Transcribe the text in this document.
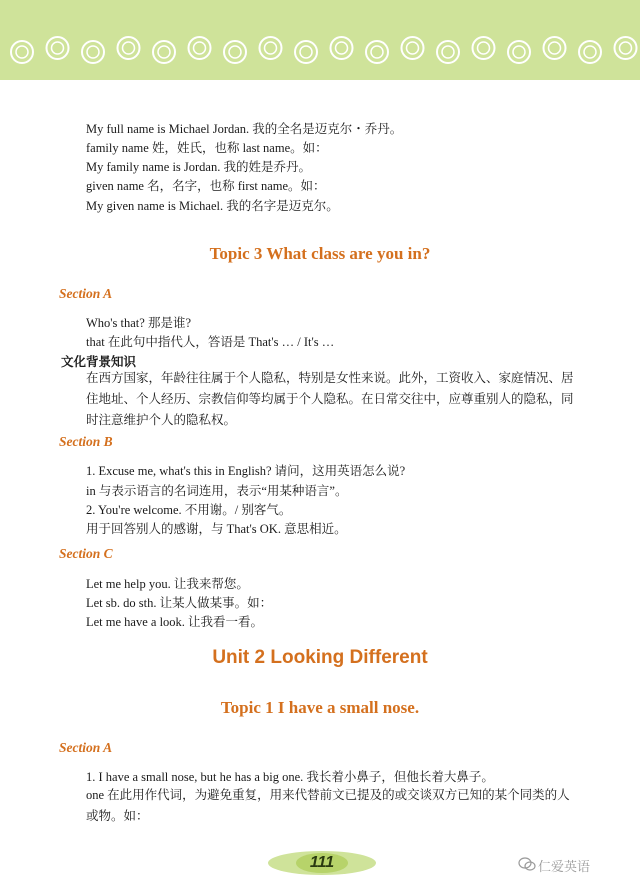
My full name is Michael Jordan. 我的全名是迈克尔・乔丹。
family name 姓，姓氏，也称 last name。如：
My family name is Jordan. 我的姓是乔丹。
given name 名，名字，也称 first name。如：
My given name is Michael. 我的名字是迈克尔。
Topic 3 What class are you in?
Section A
Who's that? 那是谁?
that 在此句中指代人，答语是 That's … / It's …
文化背景知识
在西方国家，年龄往往属于个人隐私，特别是女性来说。此外，工资收入、家庭情况、居住地址、个人经历、宗教信仰等均属于个人隐私。在日常交往中，应尊重别人的隐私，同时注意维护个人的隐私权。
Section B
1. Excuse me, what's this in English? 请问，这用英语怎么说?
in 与表示语言的名词连用，表示“用某种语言”。
2. You're welcome. 不用谢。/ 别客气。
用于回答别人的感谢，与 That's OK. 意思相近。
Section C
Let me help you. 让我来帮您。
Let sb. do sth. 让某人做某事。如：
Let me have a look. 让我看一看。
Unit 2 Looking Different
Topic 1 I have a small nose.
Section A
1. I have a small nose, but he has a big one. 我长着小鼻子，但他长着大鼻子。
one 在此用作代词，为避免重复，用来代替前文已提及的或交谈双方已知的某个同类的人或物。如：
111	仁爱英语
